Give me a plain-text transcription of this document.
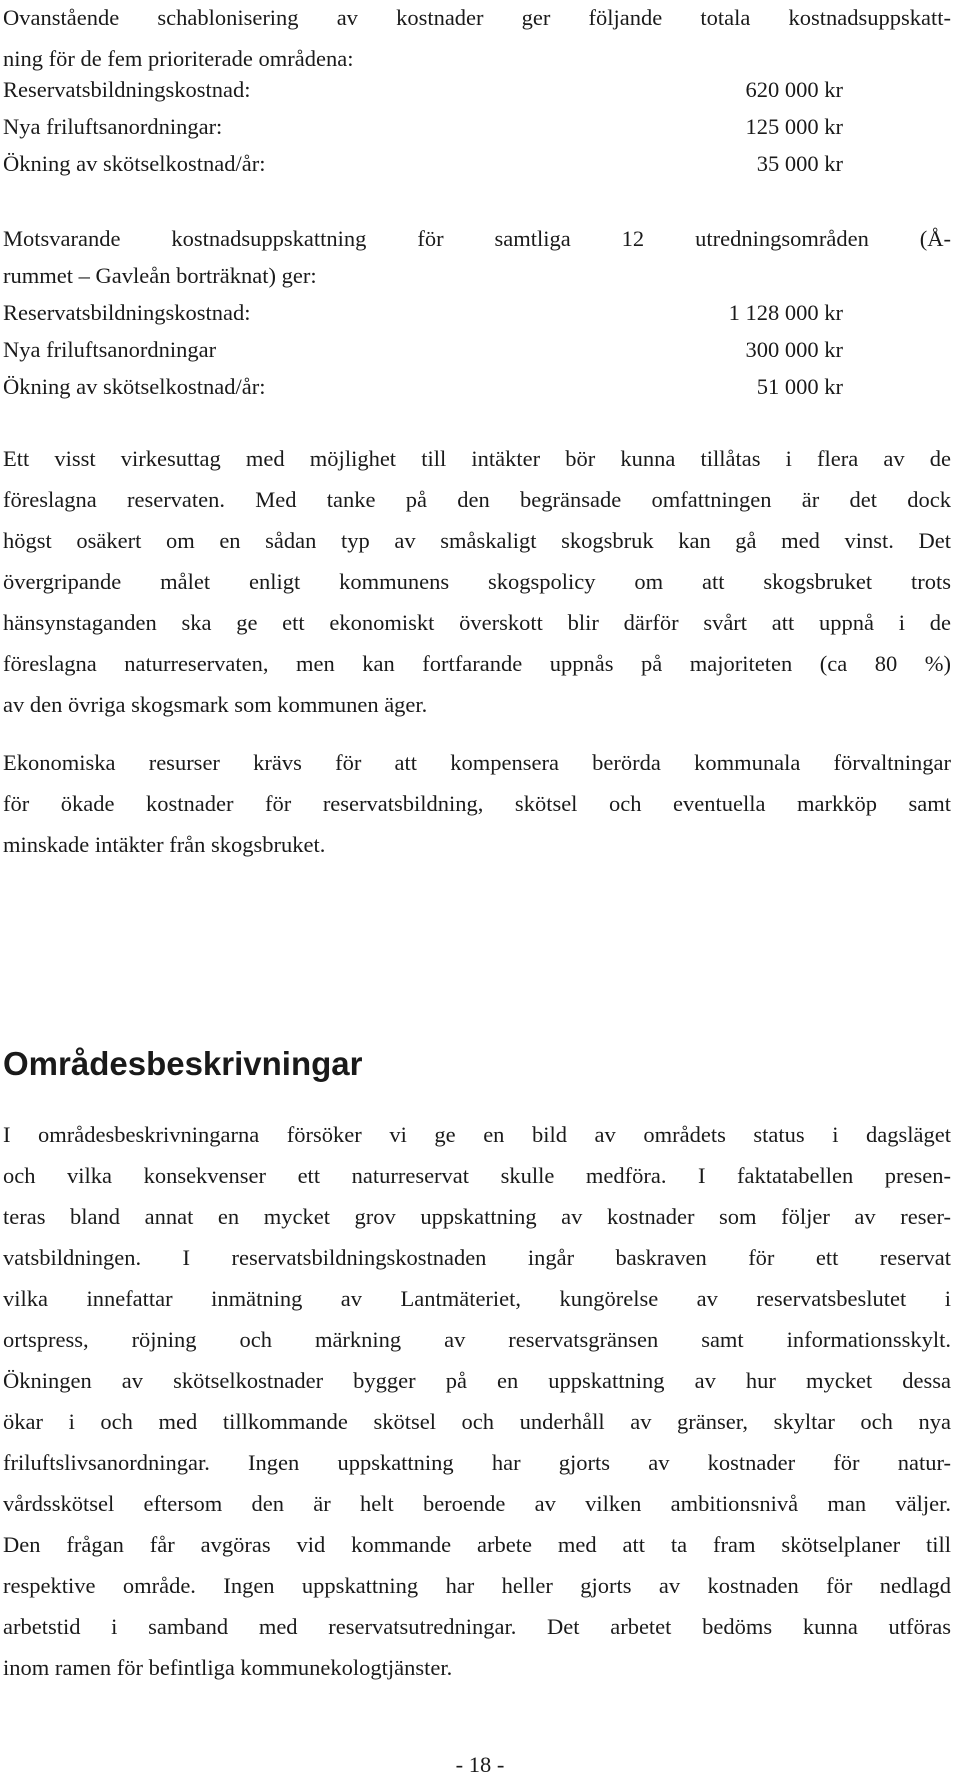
Ovanstående schablonisering av kostnader ger följande totala kostnadsuppskatt-
ning för de fem prioriterade områdena:
Reservatsbildningskostnad:	620 000 kr
Nya friluftsanordningar:	125 000 kr
Ökning av skötselkostnad/år:	35 000 kr
Motsvarande kostnadsuppskattning för samtliga 12 utredningsområden (Å-
rummet – Gavleån borträknat) ger:
Reservatsbildningskostnad:	1 128 000 kr
Nya friluftsanordningar	300 000 kr
Ökning av skötselkostnad/år:	51 000 kr
Ett visst virkesuttag med möjlighet till intäkter bör kunna tillåtas i flera av de
föreslagna reservaten. Med tanke på den begränsade omfattningen är det dock
högst osäkert om en sådan typ av småskaligt skogsbruk kan gå med vinst. Det
övergripande målet enligt kommunens skogspolicy om att skogsbruket trots
hänsynstaganden ska ge ett ekonomiskt överskott blir därför svårt att uppnå i de
föreslagna naturreservaten, men kan fortfarande uppnås på majoriteten (ca 80 %)
av den övriga skogsmark som kommunen äger.
Ekonomiska resurser krävs för att kompensera berörda kommunala förvaltningar
för ökade kostnader för reservatsbildning, skötsel och eventuella markköp samt
minskade intäkter från skogsbruket.
Områdesbeskrivningar
I områdesbeskrivningarna försöker vi ge en bild av områdets status i dagsläget
och vilka konsekvenser ett naturreservat skulle medföra. I faktatabellen presen-
teras bland annat en mycket grov uppskattning av kostnader som följer av reser-
vatsbildningen. I reservatsbildningskostnaden ingår baskraven för ett reservat
vilka innefattar inmätning av Lantmäteriet, kungörelse av reservatsbeslutet i
ortspress, röjning och märkning av reservatsgränsen samt informationsskylt.
Ökningen av skötselkostnader bygger på en uppskattning av hur mycket dessa
ökar i och med tillkommande skötsel och underhåll av gränser, skyltar och nya
friluftslivsanordningar. Ingen uppskattning har gjorts av kostnader för natur-
vårdsskötsel eftersom den är helt beroende av vilken ambitionsnivå man väljer.
Den frågan får avgöras vid kommande arbete med att ta fram skötselplaner till
respektive område. Ingen uppskattning har heller gjorts av kostnaden för nedlagd
arbetstid i samband med reservatsutredningar. Det arbetet bedöms kunna utföras
inom ramen för befintliga kommunekologtjänster.
- 18 -
